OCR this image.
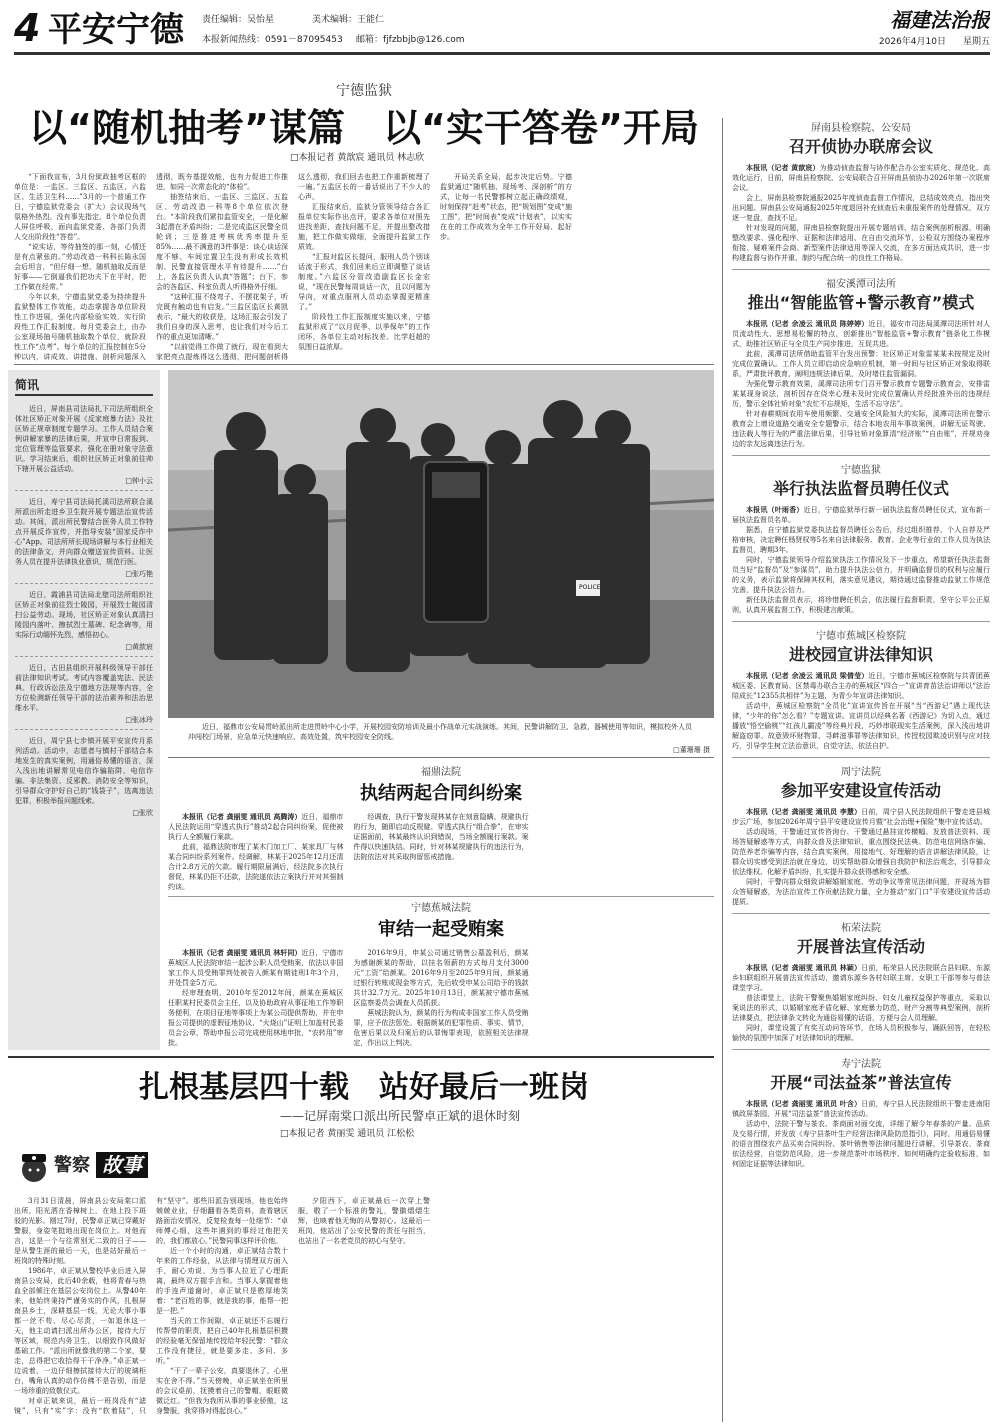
4 平安宁德 责任编辑：吴怡星	美术编辑：王能仁
本报新闻热线：0591－87095453 邮箱：fjfzbbjb@126.com
福建法治报
2026年4月10日 星期五
宁德监狱
以“随机抽考”谋篇　以“实干答卷”开局
□本报记者 黄歆宸 通讯员 林志欣

“下面我宣布，3月份狱政抽考区框的单位是：一监区、三监区、五监区、六监区、生活卫生科……”3月的一个普通工作日，宁德监狱党委会（扩大）会议现场气氛格外热烈。没有事先指定，8个单位负责人屏住呼吸，面向监狱党委、各部门负责人交出阶段性“答卷”。

“说实话，等待抽签的那一刻，心情还是有点紧张的。”劳动改造一科科长陈永国会后坦言，“但仔细一想，随机抽取反而是好事——它倒逼我们把功夫下在平时，把工作做在经常。”

今年以来，宁德监狱党委为持续提升监狱整体工作效能，动态掌握各单位阶段性工作进展，强化内部检验实效，实行阶段性工作汇报制度。每月党委会上，由办公室现场抽号随机抽取数个单位，就阶段性工作“点考”。每个单位的汇报控制在5分钟以内，讲成效、讲措施、剖析问题深入透彻，既夯基提效能，也有力促进工作推进，如同一次常态化的“体检”。

抽签结束后，一监区、三监区、五监区、劳动改造一科等8个单位依次登台。“本阶段我们紧扣监管安全，一是化解3起潜在矛盾纠纷；二是完成监区民警全员轮训；三是推进考核优秀率提升至85%……最不满意的3件事是：谈心谈话深度不够、车间定置卫生没有形成长效机制、民警直接管理水平有待提升……”台上，各监区负责人认真“答题”；台下，参会的各监区、科室负责人听得格外仔细。

“这种汇报不绕弯子、不摆花架子，听完既有触动也有启发。”三监区监区长黄凯表示，“最大的收获是，这场汇报会引发了我们自身的深入思考，也让我们对今后工作的重点更加清晰。”

“以前觉得工作做了就行，现在看到大家把亮点提炼得这么透彻，把问题剖析得这么透彻，我们回去也把工作重新梳理了一遍。”五监区长的一番话说出了不少人的心声。

汇报结束后，监狱分管领导结合各汇报单位实际作出点评，要求各单位对照先进找差距，查找问题不足，并提出整改措施，把工作做实做细，全面提升监狱工作质效。

“汇报对监区长提问，服刑人员个别谈话流于形式，我们回来后立即调整了谈话制度。”六监区分管改造副监区长金宏说，“现在民警每周谈话一次，且以问题为导向，对重点服刑人员动态掌握更精准了。”

阶段性工作汇报制度实施以来，宁德监狱形成了“以月促季、以季保年”的工作闭环，各单位主动对标找差、比学赶超的氛围日益浓厚。

开局关系全局，起步决定后势。宁德监狱通过“随机抽、现场考、深剖析”的方式，让每一名民警都树立起正确政绩观，时刻保持“赶考”状态，把“规划图”变成“施工图”，把“时间表”变成“计划表”，以实实在在的工作成效为全年工作开好局、起好步。

简讯
近日，屏南县司法局扎下司法所组织全体社区矫正对象开展《反家庭暴力法》及社区矫正规章制度专题学习。工作人员结合案例讲解家暴的法律后果，并宣申日常报到、定位管理等监管要求，强化在册对象守法意识。学习结束后，组织社区矫正对象前往帅下辖开展公益活动。
□钟小云
近日，寿宁县司法局托溪司法所联合溪所派出所走进乡卫生院开展专题法治宣传活动。其间，派出所民警结合医务人员工作特点开展反诈宣传，并指导安装“国家反诈中心”App。司法所所长现场讲解与本行业相关的法律条文，并向群众赠送宣传资料。让医务人员在提升法律执业意识，规范行医。
□张巧艳
近日，霞浦县司法局北壁司法所组织社区矫正对象前往烈士陵园，开展烈士陵园清扫公益劳动。现场，社区矫正对象认真清扫陵园内落叶、擦拭烈士墓碑、纪念碑等，用实际行动缅怀先烈，感悟初心。
□黄歆宸
近日，古田县组织开展科级领导干部任前法律知识考试。考试内容覆盖宪法、民法典、行政诉讼法及宁德地方法规等内容，全方位检测新任领导干部的法治素养和法治思维水平。
□张冰玲
近日，周宁县七步镇开展平安宣传月系列活动。活动中，志愿者与镇村干部结合本地发生的真实案例，用通俗易懂的语言，深入浅出地讲解常见电信诈骗陷阱、电信诈骗、非法集资、反邪教、消防安全等知识，引导群众守护好自己的“钱袋子”，选离违法犯罪，积极举报问题线索。
□张欣
POLICE

近日，福鼎市公安局贯岭派出所走进贯岭中心小学，开展校园安防培训及最小作战单元实战演练。其间，民警讲解防卫、急救、器械使用等知识，模拟校外人员冲闯校门场景，应急单元快速响应、高效处置，筑牢校园安全防线。

□董珊珊 摄
福鼎法院
执结两起合同纠纷案

本报讯（记者 龚丽雯 通讯员 高腾涛）近日，福鼎市人民法院运用“穿透式执行”推动2起合同纠纷案，促使被执行人全额履行案款。

此前，福鼎法院审理了某木门加工厂、某家具厂与林某合同纠纷系列案件。经调解，林某于2025年12月还清合计2.8万元的欠款。履行期限届满后，经法院多次执行督促，林某仍拒不还款，法院遂依法立案执行并对其强制约谈。

经调查，执行干警发现林某存在刻意隐瞒、规避执行的行为，随即启动反规避、穿透式执行“组合拳”，在审实证据面前，林某最终认识到错误，当场全额履行案款。案件得以快速执结。同时，针对林某规避执行的违法行为，法院依法对其采取拘留惩戒措施。

宁德蕉城法院
审结一起受贿案

本报讯（记者 龚丽雯 通讯员 林轩同）近日，宁德市蕉城区人民法院审结一起涉公职人员受贿案，依法以非国家工作人员受贿罪判处被告人颜某有期徒刑1年3个月，并处罚金5万元。

经审理查明，2010年至2012年间，颜某在蕉城区任职某村民委员会主任，以及协助政府从事征地工作等职务便利，在项目征地等事项上为某公司提供帮助，并在申报公司提供的虚假征地协议、“火烧山”证明上加盖村民委员会公章，帮助申报公司完成使用林地申批，“农转用”审批。

2016年9月，申某公司通过销售公墓盈利后，颜某为感谢颜某的帮助，以挂名领薪的方式每月支付3000元“工资”给颜某。2016年9月至2025年9月间，颜某通过银行转账或现金等方式，先后收受申某公司给予的钱款共计32.7万元。2025年10月13日，颜某被宁德市蕉城区监察委员会调查人员抓获。

蕉城法院认为，颜某的行为构成非国家工作人员受贿罪，应予依法惩处。根据颜某的犯罪性质、事实、情节，危害后果以及归案后的认罪悔罪表现，依照相关法律规定，作出以上判决。

扎根基层四十载　站好最后一班岗
——记屏南棠口派出所民警卓正斌的退休时刻
□本报记者 黄丽雯 通讯员 江松松
警察 故事

3月31日清晨，屏南县公安局棠口派出所，阳光洒在香樟树上，在地上投下斑驳的光影。刚过7时，民警卓正斌已穿戴好警服，身姿笔挺地出现在岗位上。对他而言，这是一个与往常别无二致的日子——是从警生涯的最后一天，也是站好最后一班岗的特殊时刻。

1986年，卓正斌从警校毕业后进入屏南县公安局，此后40余载，他将青春与热血全部倾注在基层公安岗位上。从警40年来，他始终秉持严谨务实的作风，扎根屏南县乡土，深耕基层一线，无论大事小事都一丝不苟、尽心尽责，一如退休这一天，他主动请扫派出所办公区，接待大厅等区域，规范内务卫生，以细致作风做好基础工作。“派出所就像我的第二个家，要走，总得把它收拾得干干净净。”卓正斌一边说着，一边仔细擦拭接待大厅的玻璃柜台，嘴角认真的动作仿佛不是告别，而是一场珍重的致敬仪式。

对卓正斌来说，最后一班岗没有“滤镜”，只有“实”字：没有“软着陆”，只有“坚守”。那些旧派告别现场，他也始终兢兢业业，仔细翻看各类资料，查看辖区路面治安情况，反复检查每一处细节：“卓师傅心细，这些年遇到的事经过他把关的，我们都放心。”民警同事这样评价他。

近一个小时的沟通，卓正斌结合数十年来的工作经验，从法律与情理双方面入手，耐心劝说，为当事人拉近了心理距离，最终双方握手言和。当事人掌握着他的手连声道谢时，卓正斌只是憨厚地笑着：“老百姓的事，就是我的事，能帮一把是一把。”

当天的工作间隙，卓正斌还不忘履行传帮带的职责，把自己40年扎根基层积攒的经验毫无保留地传授给年轻民警：“群众工作没有捷径，就是要多走、多问、多听。”

“干了一辈子公安，真要退休了，心里实在舍不得。”当天傍晚，卓正斌坐在所里的会议桌前，抚摸着自己的警帽，眼眶微微泛红。“但我为我所从事的事业骄傲，这身警服，我穿得对得起良心。”

夕阳西下，卓正斌最后一次穿上警服，敬了一个标准的警礼，警徽熠熠生辉，也映着他无悔的从警初心。这最后一班岗，他站出了公安民警的责任与担当，也站出了一名老党员的初心与坚守。

屏南县检察院、公安局
召开侦协办联席会议

本报讯（记者 黄歆宸）为推动侦查监督与协作配合办公室实质化、规范化、高效化运行，日前，屏南县检察院、公安局联合召开屏南县侦协办2026年第一次联席会议。

会上，屏南县检察院通报2025年度侦查监督工作情况，总结成效亮点，指出突出问题。屏南县公安局通报2025年度退回补充侦查后未重报案件的处理情况，双方逐一复盘，查找不足。

针对发现的问题，屏南县检察院提出开展专题培训、结合案例剖析根源、明确整改要求、强化程序、证据和法律适用、在自由交流环节，公检双方围绕办案程序衔接、疑难案件会商、新型案件法律适用等深入交流，在多方面达成共识，进一步构建监督与协作并重、制约与配合统一的良性工作格局。

福安溪潭司法所
推出“智能监管+警示教育”模式

本报讯（记者 余凌云 通讯员 陈婷婷）近日，福安市司法局溪潭司法所针对人员流动性大、思想易松懈的特点，创新推出“智能监管+警示教育”链条化工作模式，助推社区矫正与全员生产同步推进，互促共进。

此前，溪潭司法所借助监管平台发出预警：社区矫正对象雷某某未按规定及时完成位置确认。工作人员立即启动应急响应机制，第一时间与社区矫正对象取得联系，严肃批评教育，阐明违规法律后果，及时堵住监管漏洞。

为强化警示教育效果，溪潭司法所专门召开警示教育专题警示教育会，安排雷某某现身说法，剖析因存在侥幸心理未及时完成位置确认并经批准外出的违规经历，警示全体社矫对象“农忙不忘规矩，生活不忘守法”。

针对春耕期间农用车使用频繁、交通安全风险加大的实际，溪潭司法所在警示教育会上增设道路交通安全专题警示，结合本地农用车事故案例，讲解无证驾驶、违法载人等行为的严重法律后果，引导社矫对象算清“经济账”“自由账”，并规劝身边的亲友远离违法行为。

宁德监狱
举行执法监督员聘任仪式

本报讯（叶雨香）近日，宁德监狱举行新一届执法监督员聘任仪式，宣布新一届执法监督员名单。

据悉，自宁德监狱党委执法监督员聘任公告后，经过组织推荐、个人自荐及严格审核，决定聘任杨贤权等5名来自法律服务、教育、企业等行业的工作人员为执法监督员，聘期3年。

同时，宁德监狱领导介绍监狱执法工作情况及下一步重点，希望新任执法监督员当好“监督员”及“参谋员”，助力提升执法公信力，并明确监督员的权利与应履行的义务，表示监狱将保障其权利，落实意见建议，期待通过监督推动监狱工作规范完善，提升执法公信力。

新任执法监督员表示，将珍惜聘任机会，依法履行监督职责，坚守公平公正原则，认真开展监督工作，积极建言献策。

宁德市蕉城区检察院
进校园宣讲法律知识

本报讯（记者 余凌云 通讯员 梁倩莹）近日，宁德市蕉城区检察院与共青团蕉城区委、区教育局、区禁毒办联合主办的蕉城区“四合一”宣讲育苗法治讲师以“法治陪成长”12355共相伴”为主题，为青少年宣讲法律知识。

活动中，蕉城区检察院“全员化”宣讲宣传旨在开展“当“西游记”遇上现代法律，“少年的你”怎么看？”专题宣讲。宣讲员以经典名著《西游记》为切入点，通过播放“悟空偷桃”“红孩儿霸凌”等经典片段，巧妙串联现实生活案例，深入浅出地讲解盗窃罪、故意毁坏财物罪、寻衅滋事罪等法律知识，传授校园欺凌识别与应对技巧，引导学生树立法治意识，自觉守法、依法自护。

周宁法院
参加平安建设宣传活动

本报讯（记者 龚丽雯 通讯员 李慧）日前，周宁县人民法院组织干警走进县城步云广场，参加2026年周宁县平安建设宣传月暨“社会治理+保险”集中宣传活动。

活动现场，干警通过宣传咨询台、干警通过悬挂宣传横幅、发放普法资料、现场答疑解惑等方式，向群众普及法律知识，重点围绕民法典、防范电信网络诈骗、防范养老诈骗等内容，结合真实案例，用接地气、好理解的语言讲解法律风险，让群众切实感受到法治就在身边，切实帮助群众增强自我防护和法治观念，引导群众依法维权、化解矛盾纠纷，扎实提升群众获得感和安全感。

同时，干警向群众细致讲解婚姻家庭、劳动争议等常见法律问题，并现场为群众答疑解惑，为法治宣传工作贡献法院力量，全力推动“家门口”平安建设宣传活动提质。

柘荣法院
开展普法宣传活动

本报讯（记者 龚丽雯 通讯员 林颖）日前，柘荣县人民法院联合县妇联、东源乡妇联组织开展普法宣传活动，邀请东源乡各村妇联主席、女职工干部等参与普法课堂学习。

普法课堂上，法院干警聚焦婚姻家庭纠纷、妇女儿童权益保护等重点，采取以案说法的形式，以婚姻家庭矛盾化解、家庭暴力防范、财产分割等典型案例，剖析法律要点，把法律条文转化为通俗易懂的话语，方便与会人员理解。

同时，课堂设置了有奖互动问答环节，在场人员积极参与，踊跃回答，在轻松愉快的氛围中加深了对法律知识的理解。

寿宁法院
开展“司法益茶”普法宣传

本报讯（记者 龚丽雯 通讯员 叶含）日前，寿宁县人民法院组织干警走进南阳镇政屏茶园，开展“司法益茶”普法宣传活动。

活动中，法院干警与茶农、茶商面对面交流，详细了解今年春茶的产量、品质及交易行情，并发放《寿宁县茶叶生产经营法律风险防范指引》，同时，用通俗易懂的语言围绕农产品买卖合同纠纷、茶叶销售等法律问题进行讲解，引导茶农、茶商依法经营，自觉防范风险，进一步规范茶叶市场秩序、如何明确约定验收标准，如何固定证据等法律知识。
